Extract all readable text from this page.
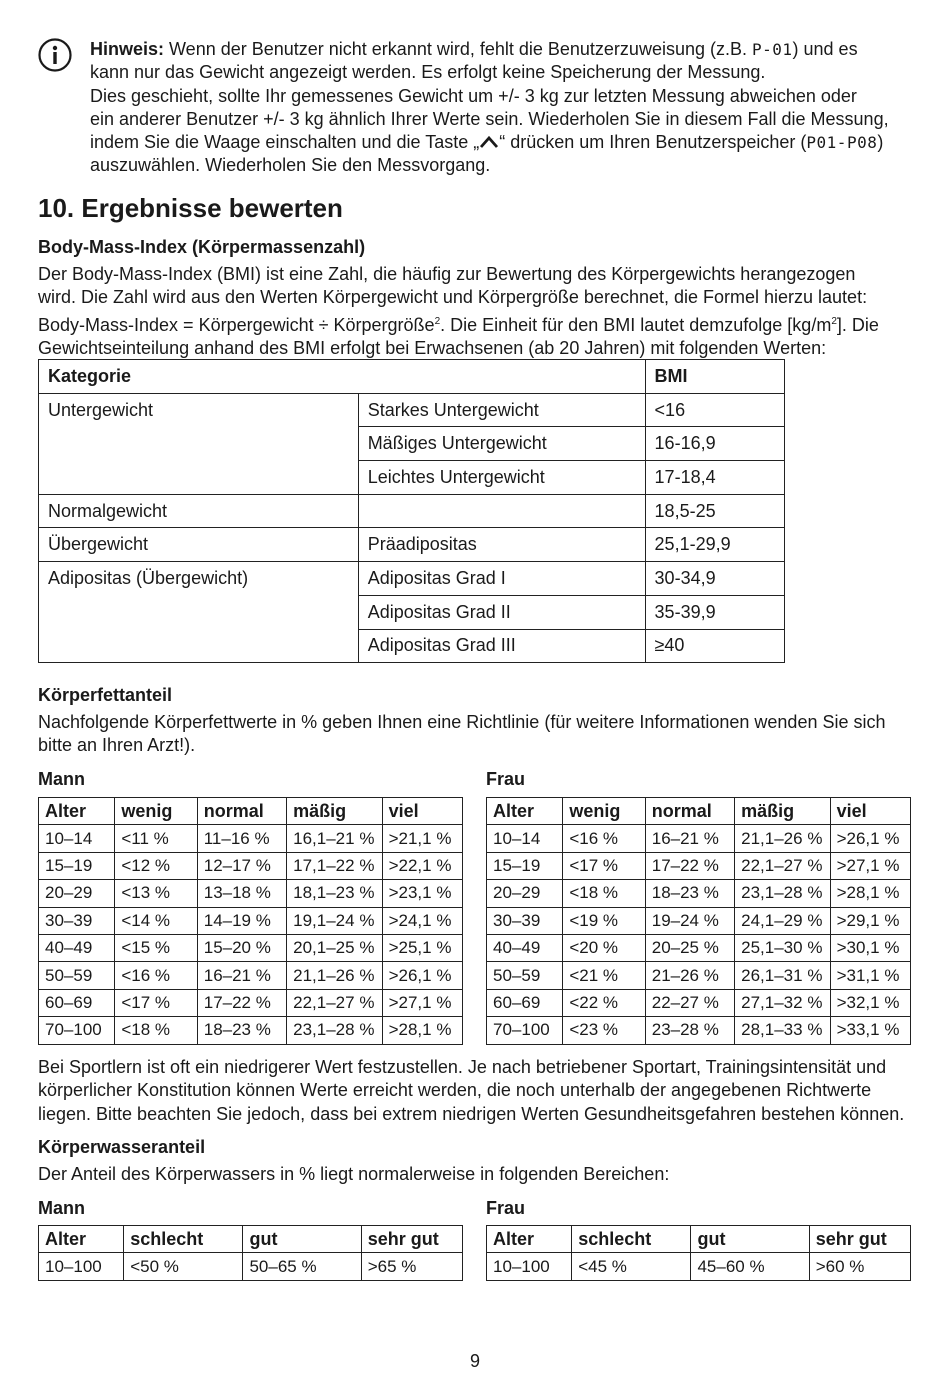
Hinweis: Wenn der Benutzer nicht erkannt wird, fehlt die Benutzerzuweisung (z.B. P-01) und es

kann nur das Gewicht angezeigt werden. Es erfolgt keine Speicherung der Messung.

Dies geschieht, sollte Ihr gemessenes Gewicht um +/- 3 kg zur letzten Messung abweichen oder

ein anderer Benutzer +/- 3 kg ähnlich Ihrer Werte sein. Wiederholen Sie in diesem Fall die Messung,

indem Sie die Waage einschalten und die Taste „ “ drücken um Ihren Benutzerspeicher (P01-P08)

auszuwählen. Wiederholen Sie den Messvorgang.

10. Ergebnisse bewerten
Body-Mass-Index (Körpermassenzahl)

Der Body-Mass-Index (BMI) ist eine Zahl, die häufig zur Bewertung des Körpergewichts herangezogen

wird. Die Zahl wird aus den Werten Körpergewicht und Körpergröße berechnet, die Formel hierzu lautet:

Body-Mass-Index = Körpergewicht ÷ Körpergröße$^2$. Die Einheit für den BMI lautet demzufolge $[kg/m^2]$. Die

Gewichtseinteilung anhand des BMI erfolgt bei Erwachsenen (ab 20 Jahren) mit folgenden Werten:

Kategorie		BMI
Untergewicht	Starkes Untergewicht	<16
	Mäßiges Untergewicht	16-16,9
	Leichtes Untergewicht	17-18,4
Normalgewicht		18,5-25
Übergewicht	Präadipositas	25,1-29,9
Adipositas (Übergewicht)	Adipositas Grad I	30-34,9
	Adipositas Grad II	35-39,9
	Adipositas Grad III	≥40
Körperfettanteil

Nachfolgende Körperfettwerte in % geben Ihnen eine Richtlinie (für weitere Informationen wenden Sie sich

bitte an Ihren Arzt!).

Mann	Frau
Alter	wenig	normal	mäßig	viel
10–14	<11 %	11–16 %	16,1–21 %	>21,1 %
15–19	<12 %	12–17 %	17,1–22 %	>22,1 %
20–29	<13 %	13–18 %	18,1–23 %	>23,1 %
30–39	<14 %	14–19 %	19,1–24 %	>24,1 %
40–49	<15 %	15–20 %	20,1–25 %	>25,1 %
50–59	<16 %	16–21 %	21,1–26 %	>26,1 %
60–69	<17 %	17–22 %	22,1–27 %	>27,1 %
70–100	<18 %	18–23 %	23,1–28 %	>28,1 %
Alter	wenig	normal	mäßig	viel
10–14	<16 %	16–21 %	21,1–26 %	>26,1 %
15–19	<17 %	17–22 %	22,1–27 %	>27,1 %
20–29	<18 %	18–23 %	23,1–28 %	>28,1 %
30–39	<19 %	19–24 %	24,1–29 %	>29,1 %
40–49	<20 %	20–25 %	25,1–30 %	>30,1 %
50–59	<21 %	21–26 %	26,1–31 %	>31,1 %
60–69	<22 %	22–27 %	27,1–32 %	>32,1 %
70–100	<23 %	23–28 %	28,1–33 %	>33,1 %

Bei Sportlern ist oft ein niedrigerer Wert festzustellen. Je nach betriebener Sportart, Trainingsintensität und

körperlicher Konstitution können Werte erreicht werden, die noch unterhalb der angegebenen Richtwerte

liegen. Bitte beachten Sie jedoch, dass bei extrem niedrigen Werten Gesundheitsgefahren bestehen können.

Körperwasseranteil
Der Anteil des Körperwassers in % liegt normalerweise in folgenden Bereichen:
Mann	Frau
Alter	schlecht	gut	sehr gut
10–100	<50 %	50–65 %	>65 %
Alter	schlecht	gut	sehr gut
10–100	<45 %	45–60 %	>60 %
9
